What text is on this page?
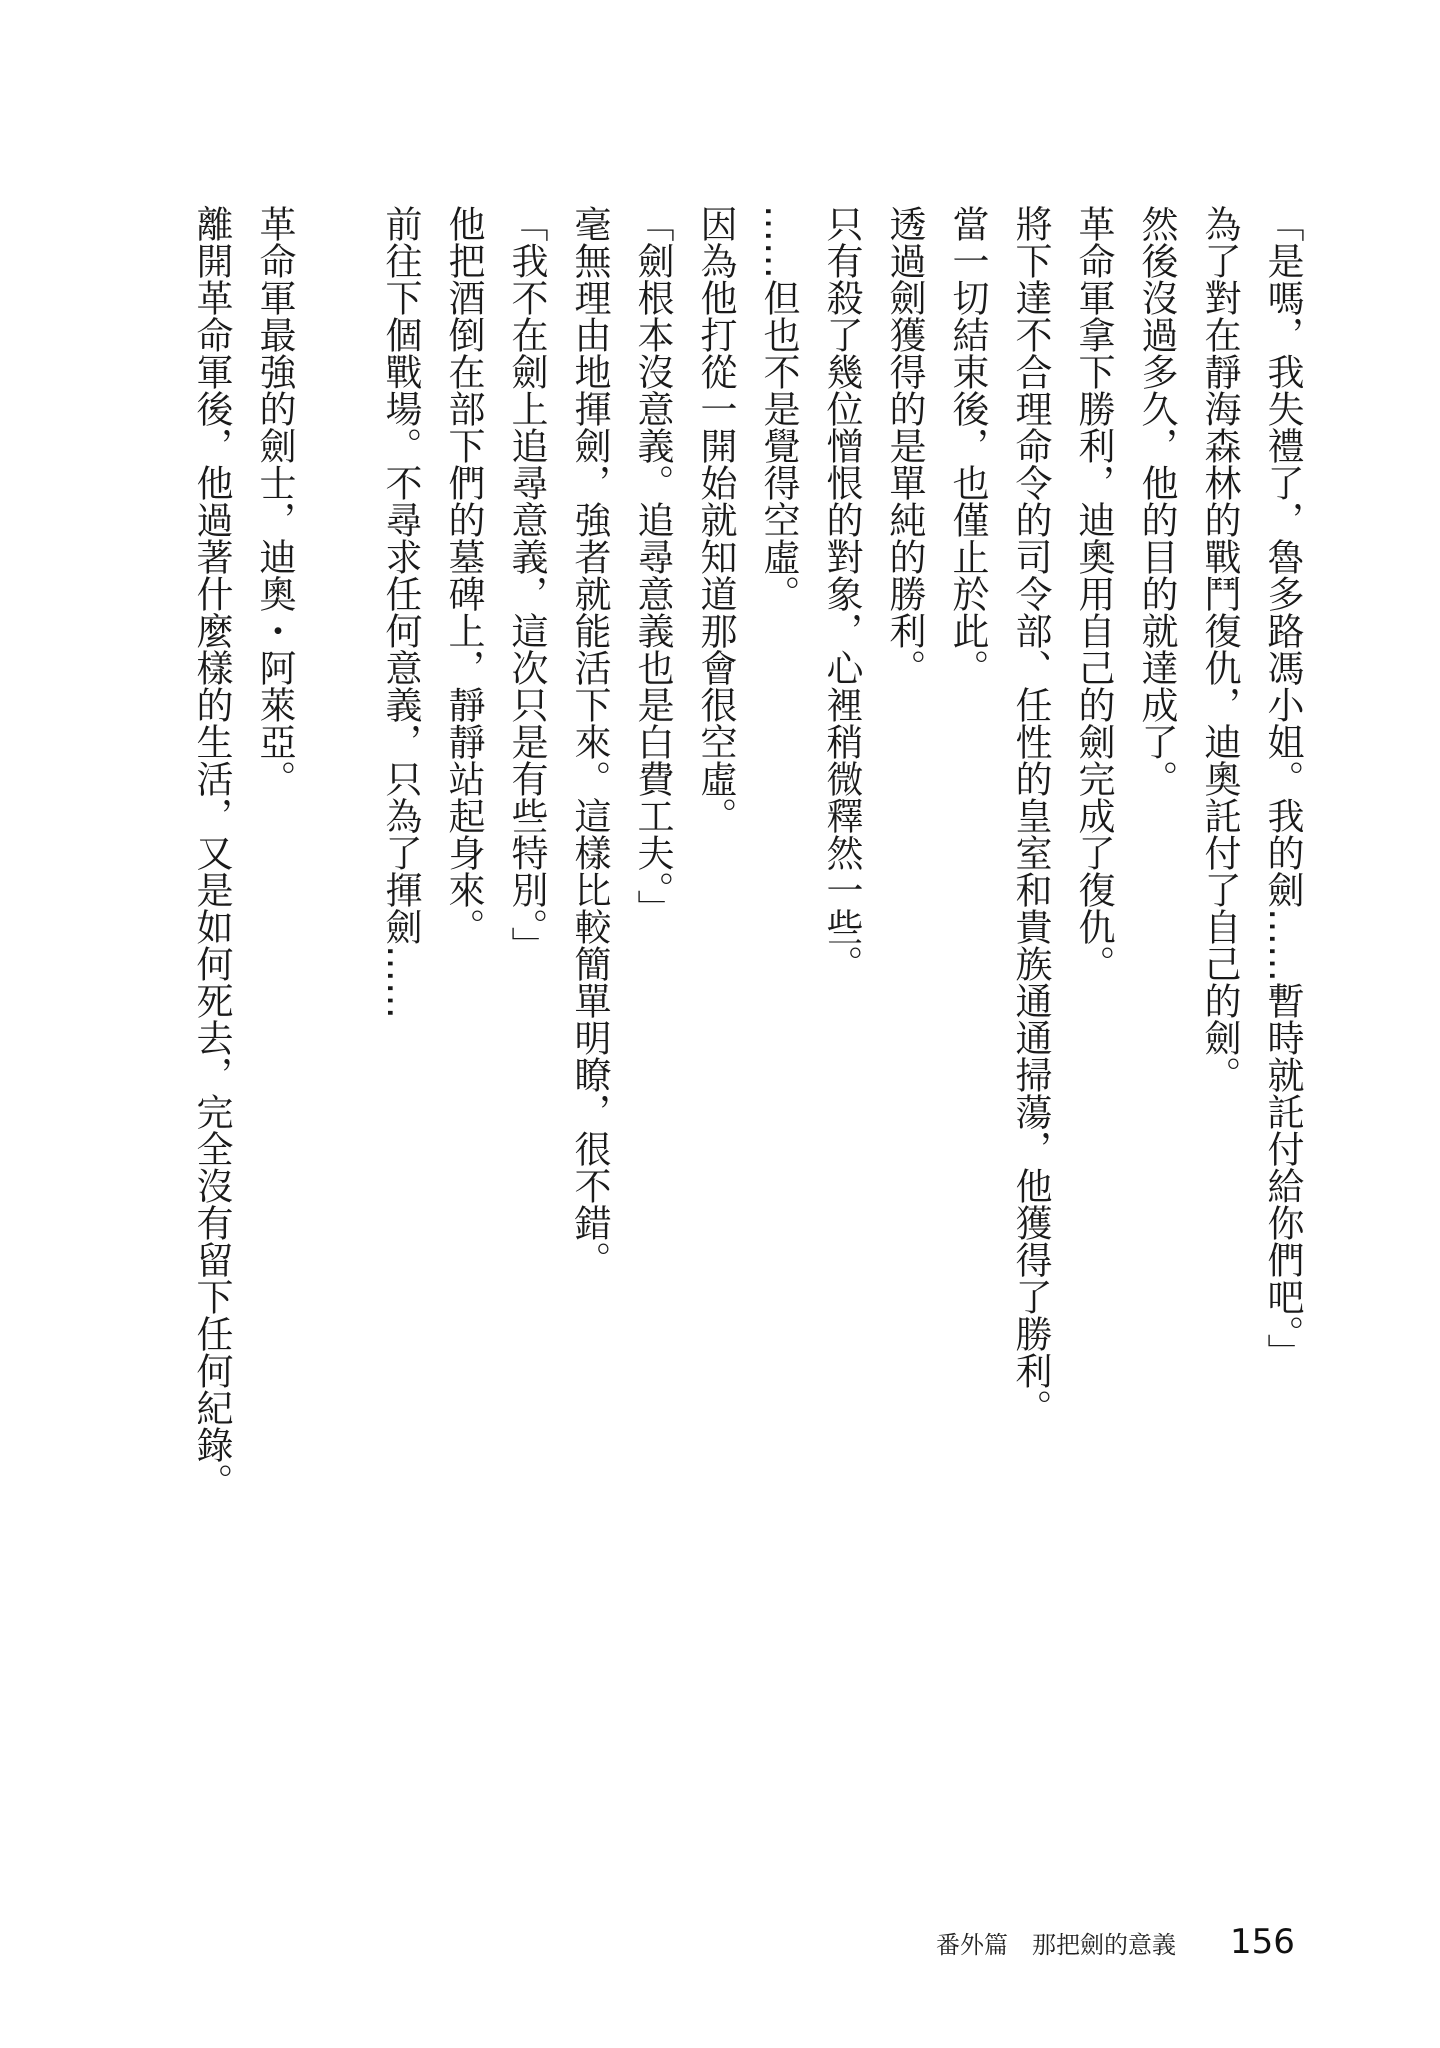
「是嗎，我失禮了，魯多路馮小姐。我的劍……暫時就託付給你們吧。」

為了對在靜海森林的戰鬥復仇，迪奧託付了自己的劍。

然後沒過多久，他的目的就達成了。

革命軍拿下勝利，迪奧用自己的劍完成了復仇。

將下達不合理命令的司令部、任性的皇室和貴族通通掃蕩，他獲得了勝利。

當一切結束後，也僅止於此。

透過劍獲得的是單純的勝利。

只有殺了幾位憎恨的對象，心裡稍微釋然一些。

……但也不是覺得空虛。

因為他打從一開始就知道那會很空虛。

「劍根本沒意義。追尋意義也是白費工夫。」

毫無理由地揮劍，強者就能活下來。這樣比較簡單明瞭，很不錯。

「我不在劍上追尋意義，這次只是有些特別。」

他把酒倒在部下們的墓碑上，靜靜站起身來。

前往下個戰場。不尋求任何意義，只為了揮劍……

革命軍最強的劍士，迪奧・阿萊亞。

離開革命軍後，他過著什麼樣的生活，又是如何死去，完全沒有留下任何紀錄。

番外篇　那把劍的意義 156
